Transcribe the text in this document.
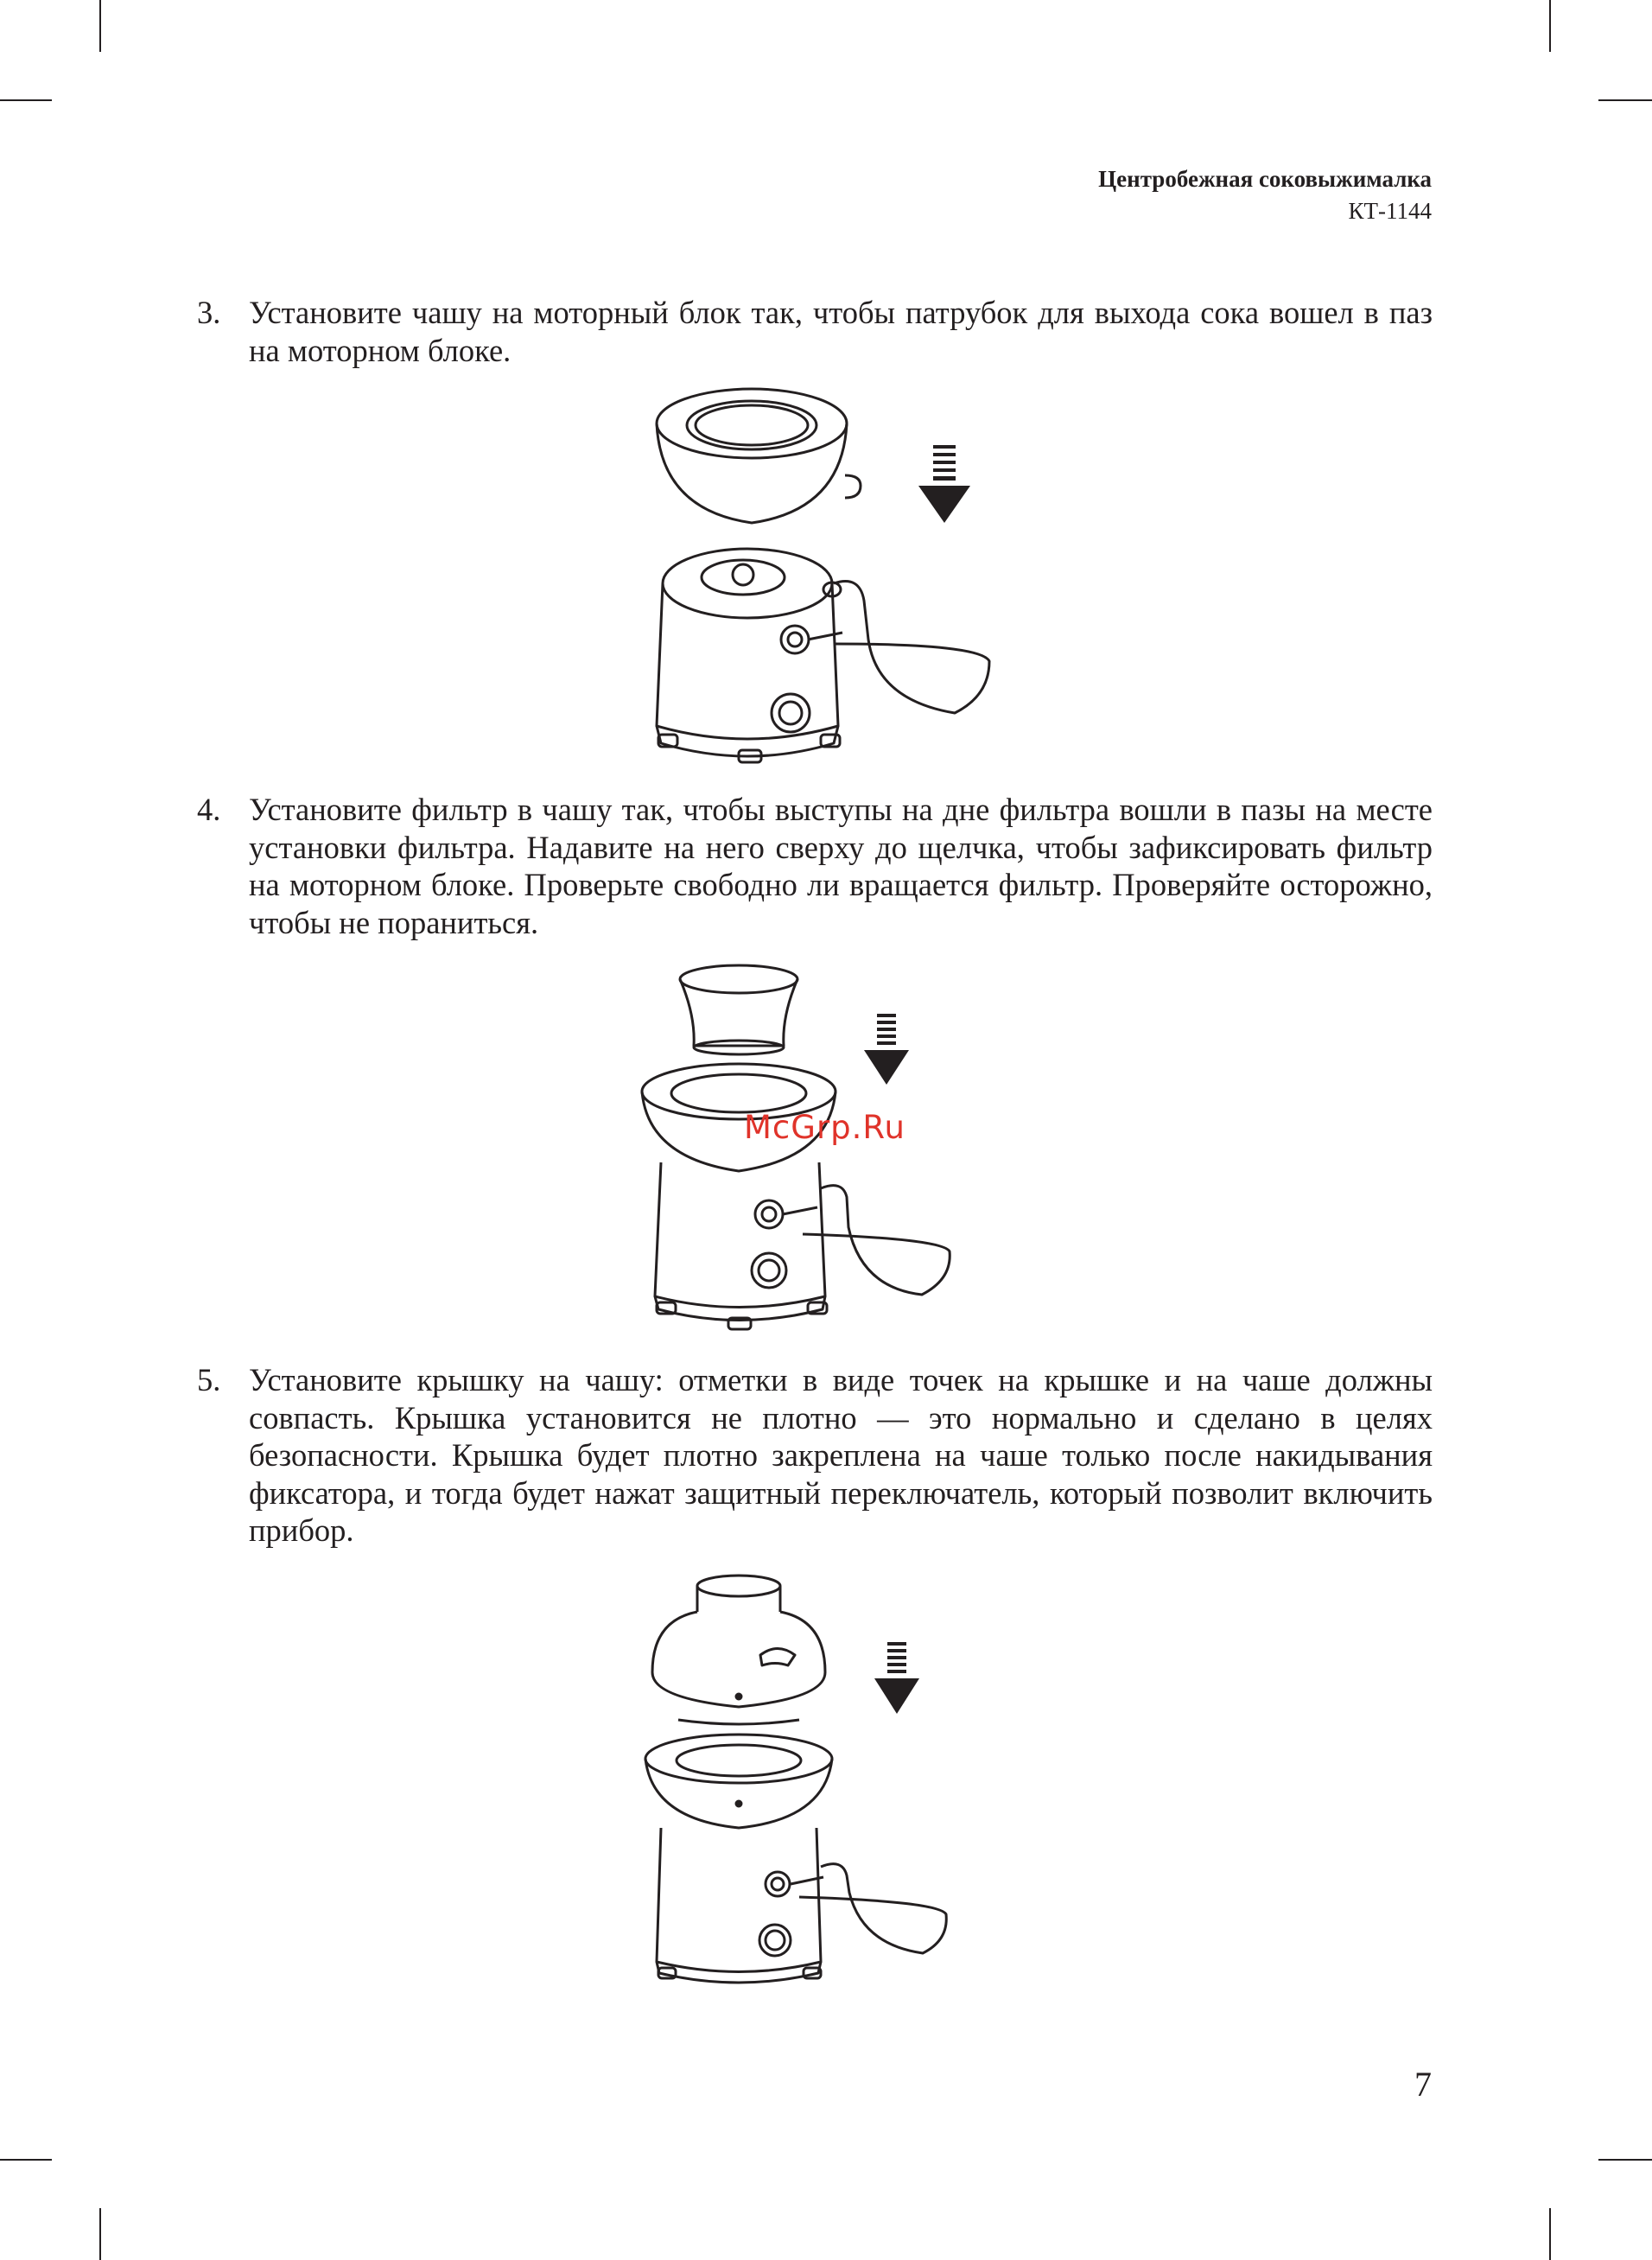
Центробежная соковыжималка
КТ-1144
3. Установите чашу на моторный блок так, чтобы патрубок для выхода сока вошел в паз на моторном блоке.
4. Установите фильтр в чашу так, чтобы выступы на дне фильтра вошли в пазы на месте установки фильтра. Надавите на него сверху до щелчка, чтобы зафиксировать фильтр на моторном блоке. Проверьте свободно ли вращается фильтр. Проверяйте осторожно, чтобы не пораниться.
McGrp.Ru
5. Установите крышку на чашу: отметки в виде точек на крышке и на чаше должны совпасть. Крышка установится не плотно — это нормально и сделано в целях безопасности. Крышка будет плотно закреплена на чаше только после накидывания фиксатора, и тогда будет нажат защитный переключатель, который позволит включить прибор.
7
